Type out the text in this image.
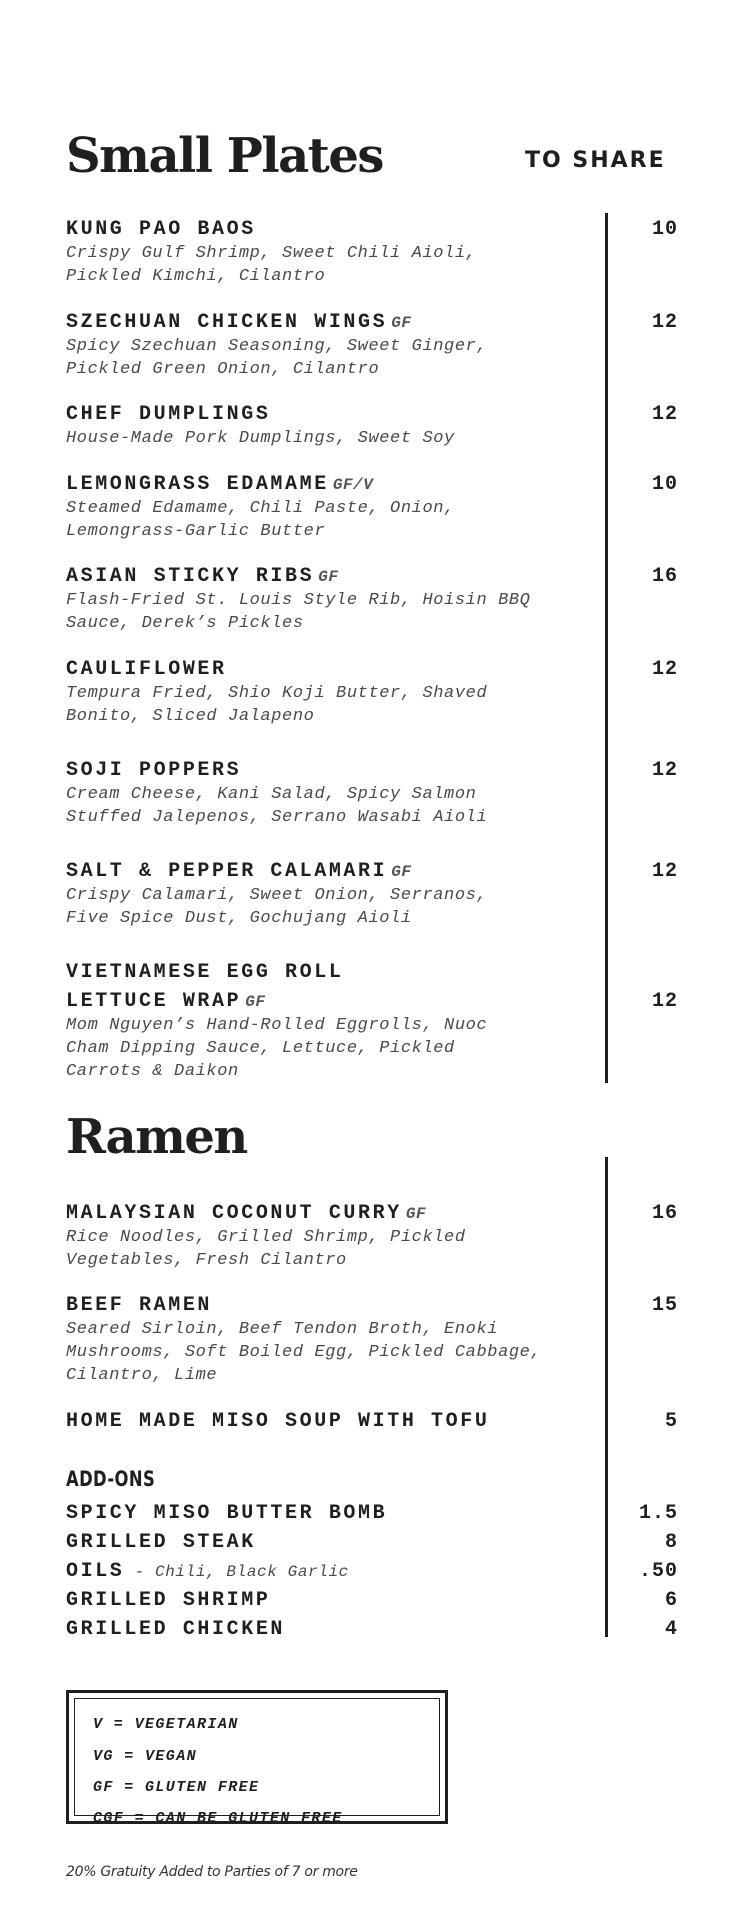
Small Plates	TO SHARE
KUNG PAO BAOS
Crispy Gulf Shrimp, Sweet Chili Aioli,
Pickled Kimchi, Cilantro
10
SZECHUAN CHICKEN WINGS GF
Spicy Szechuan Seasoning, Sweet Ginger,
Pickled Green Onion, Cilantro
12
CHEF DUMPLINGS
House-Made Pork Dumplings, Sweet Soy
12
LEMONGRASS EDAMAME GF/V
Steamed Edamame, Chili Paste, Onion,
Lemongrass-Garlic Butter
10
ASIAN STICKY RIBS GF
Flash-Fried St. Louis Style Rib, Hoisin BBQ
Sauce, Derek’s Pickles
16
CAULIFLOWER
Tempura Fried, Shio Koji Butter, Shaved
Bonito, Sliced Jalapeno
12
SOJI POPPERS
Cream Cheese, Kani Salad, Spicy Salmon
Stuffed Jalepenos, Serrano Wasabi Aioli
12
SALT & PEPPER CALAMARI GF
Crispy Calamari, Sweet Onion, Serranos,
Five Spice Dust, Gochujang Aioli
12
VIETNAMESE EGG ROLL
LETTUCE WRAP GF
Mom Nguyen’s Hand-Rolled Eggrolls, Nuoc
Cham Dipping Sauce, Lettuce, Pickled
Carrots & Daikon
12
Ramen
MALAYSIAN COCONUT CURRY GF
Rice Noodles, Grilled Shrimp, Pickled
Vegetables, Fresh Cilantro
16
BEEF RAMEN
Seared Sirloin, Beef Tendon Broth, Enoki
Mushrooms, Soft Boiled Egg, Pickled Cabbage,
Cilantro, Lime
15
HOME MADE MISO SOUP WITH TOFU	5
ADD-ONS
SPICY MISO BUTTER BOMB	1.5
GRILLED STEAK	8
OILS - Chili, Black Garlic	.50
GRILLED SHRIMP	6
GRILLED CHICKEN	4
V = VEGETARIAN
VG = VEGAN
GF = GLUTEN FREE
CGF = CAN BE GLUTEN FREE
20% Gratuity Added to Parties of 7 or more
